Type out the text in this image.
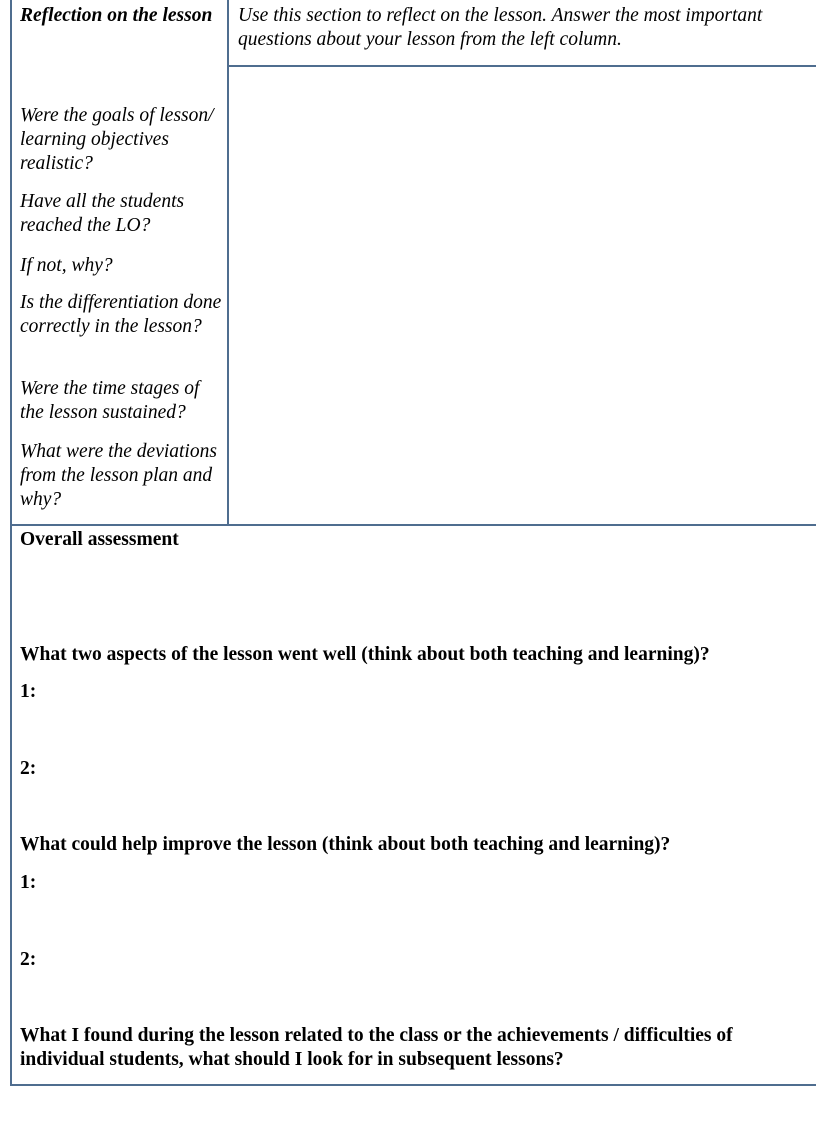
Reflection on the lesson	Use this section to reflect on the lesson. Answer the most important questions about your lesson from the left column.
Were the goals of lesson/ learning objectives realistic?
Have all the students reached the LO?
If not, why?
Is the differentiation done correctly in the lesson?
Were the time stages of the lesson sustained?
What were the deviations from the lesson plan and why?
Overall assessment
What two aspects of the lesson went well (think about both teaching and learning)?
1:
2:
What could help improve the lesson (think about both teaching and learning)?
1:
2:
What I found during the lesson related to the class or the achievements / difficulties of individual students, what should I look for in subsequent lessons?
